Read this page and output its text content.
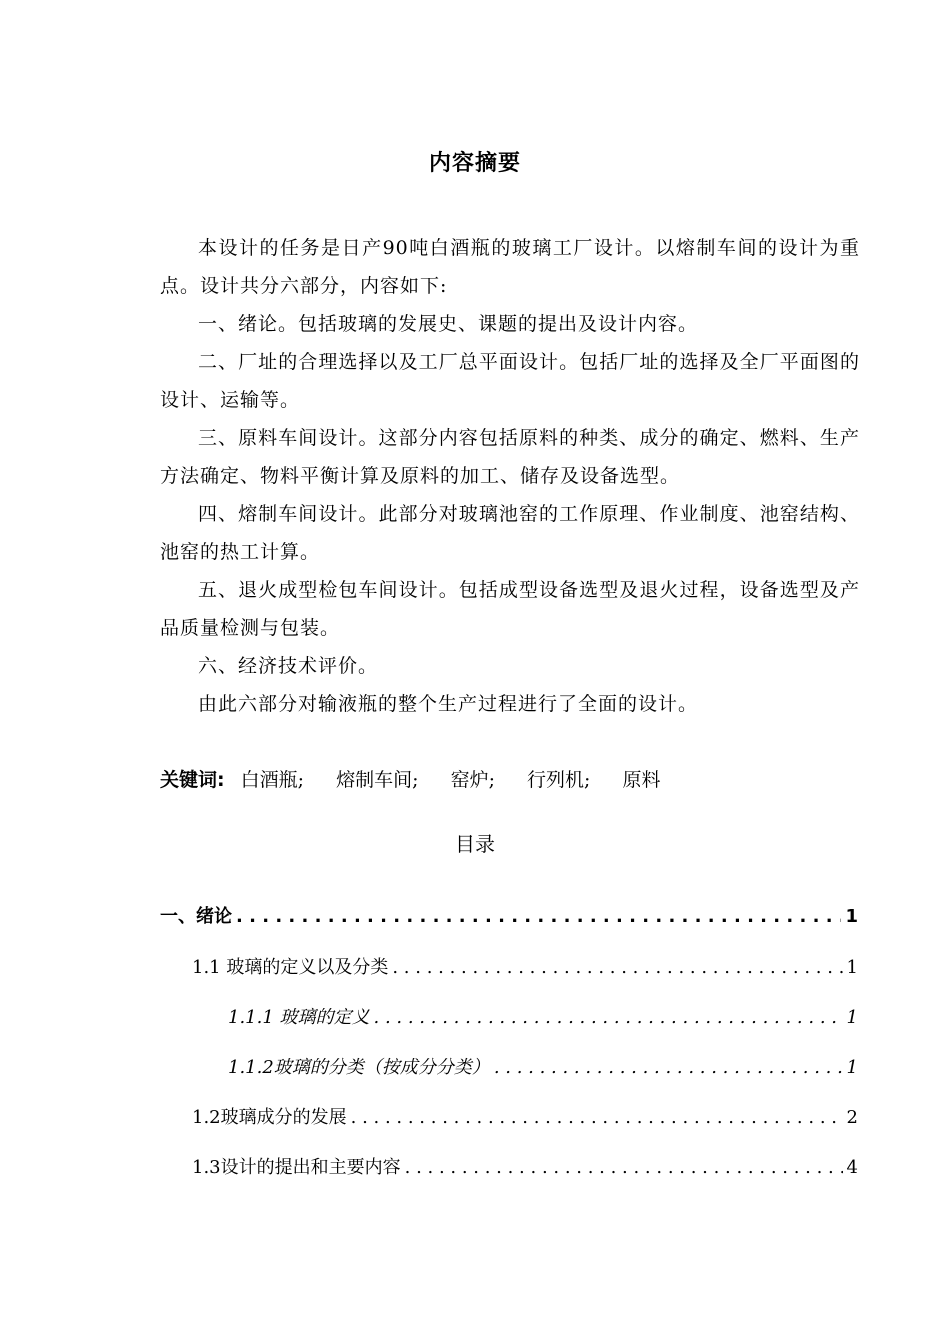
内容摘要

本设计的任务是日产90吨白酒瓶的玻璃工厂设计。以熔制车间的设计为重点。设计共分六部分，内容如下:

一、绪论。包括玻璃的发展史、课题的提出及设计内容。

二、厂址的合理选择以及工厂总平面设计。包括厂址的选择及全厂平面图的设计、运输等。

三、原料车间设计。这部分内容包括原料的种类、成分的确定、燃料、生产方法确定、物料平衡计算及原料的加工、储存及设备选型。

四、熔制车间设计。此部分对玻璃池窑的工作原理、作业制度、池窑结构、池窑的热工计算。

五、退火成型检包车间设计。包括成型设备选型及退火过程，设备选型及产品质量检测与包装。

六、经济技术评价。

由此六部分对输液瓶的整个生产过程进行了全面的设计。

关键词: 白酒瓶; 熔制车间; 窑炉; 行列机; 原料
目录
一、绪论 . . .	1
1.1 玻璃的定义以及分类 . . .	1
1.1.1 玻璃的定义 . . .	1
1.1.2玻璃的分类（按成分分类） . . .	1
1.2玻璃成分的发展 . . .	2
1.3设计的提出和主要内容 . . .	4
